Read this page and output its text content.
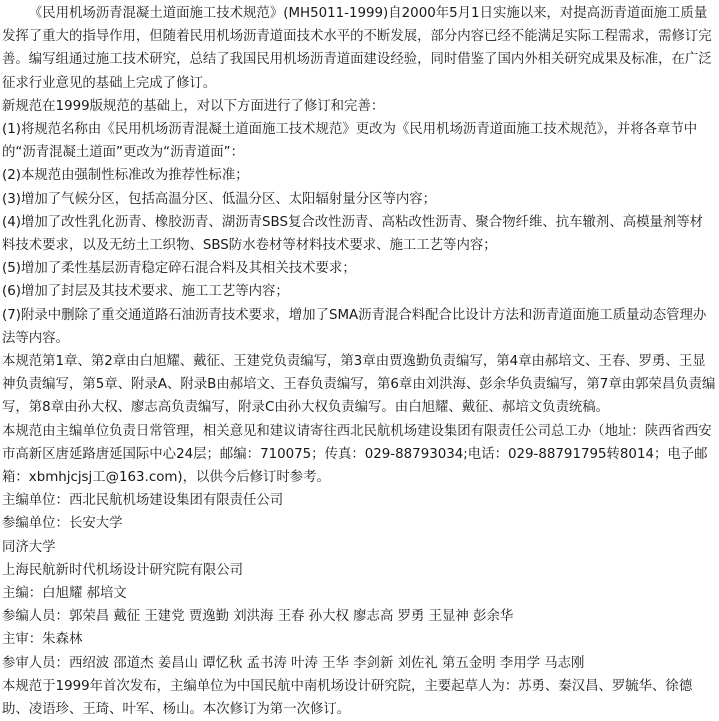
《民用机场沥青混凝土道面施工技术规范》(MH5011-1999)自2000年5月1日实施以来，对提高沥青道面施工质量发挥了重大的指导作用，但随着民用机场沥青道面技术水平的不断发展，部分内容已经不能满足实际工程需求，需修订完善。编写组通过施工技术研究，总结了我国民用机场沥青道面建设经验，同时借鉴了国内外相关研究成果及标准，在广泛征求行业意见的基础上完成了修订。

新规范在1999版规范的基础上，对以下方面进行了修订和完善：

(1)将规范名称由《民用机场沥青混凝土道面施工技术规范》更改为《民用机场沥青道面施工技术规范》，并将各章节中的“沥青混凝土道面”更改为“沥青道面”：

(2)本规范由强制性标准改为推荐性标准；

(3)增加了气候分区，包括高温分区、低温分区、太阳辐射量分区等内容；

(4)增加了改性乳化沥青、橡胶沥青、湖沥青SBS复合改性沥青、高粘改性沥青、聚合物纤维、抗车辙剂、高模量剂等材料技术要求，以及无纺土工织物、SBS防水卷材等材料技术要求、施工工艺等内容；

(5)增加了柔性基层沥青稳定碎石混合料及其相关技术要求；

(6)增加了封层及其技术要求、施工工艺等内容；

(7)附录中删除了重交通道路石油沥青技术要求，增加了SMA沥青混合料配合比设计方法和沥青道面施工质量动态管理办法等内容。

本规范第1章、第2章由白旭耀、戴征、王建党负责编写，第3章由贾逸勤负责编写，第4章由郝培文、王春、罗勇、王显神负责编写，第5章、附录A、附录B由郝培文、王春负责编写，第6章由刘洪海、彭余华负责编写，第7章由郭荣昌负责编写，第8章由孙大权、廖志高负责编写，附录C由孙大权负责编写。由白旭耀、戴征、郝培文负责统稿。

本规范由主编单位负责日常管理，相关意见和建议请寄往西北民航机场建设集团有限责任公司总工办（地址：陕西省西安市高新区唐延路唐延国际中心24层；邮编：710075；传真：029-88793034;电话：029-88791795转8014；电子邮箱：xbmhjcjsj工@163.com)，以供今后修订时参考。

主编单位：西北民航机场建设集团有限责任公司

参编单位：长安大学

同济大学

上海民航新时代机场设计研究院有限公司

主编：白旭耀 郝培文

参编人员：郭荣昌 戴征 王建党 贾逸勤 刘洪海 王春 孙大权 廖志高 罗勇 王显神 彭余华

主审：朱森林

参审人员：西绍波 邵道杰 姜昌山 谭忆秋 孟书涛 叶涛 王华 李剑新 刘佐礼 第五金明 李用学 马志刚

本规范于1999年首次发布，主编单位为中国民航中南机场设计研究院，主要起草人为：苏勇、秦汉昌、罗毓华、徐德助、凌语珍、王琦、叶军、杨山。本次修订为第一次修订。
